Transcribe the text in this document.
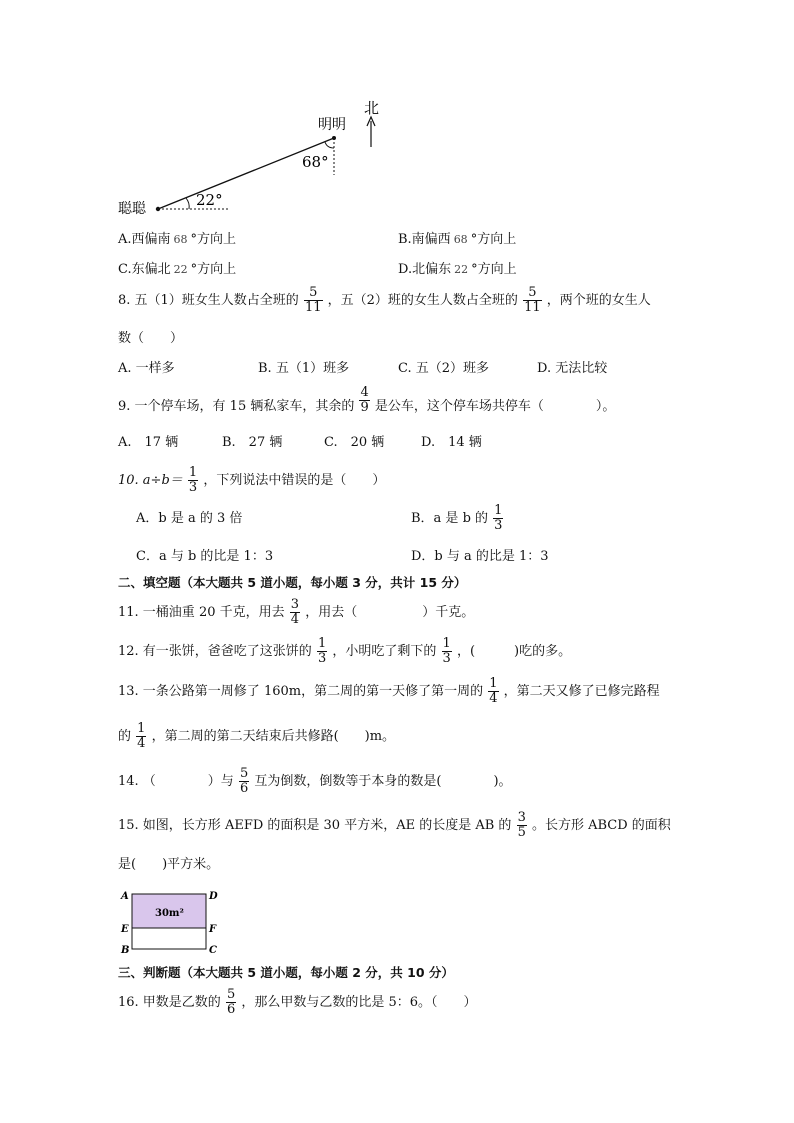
北
明明
聪聪
68°
22°
A.西偏南 68 °方向上	B.南偏西 68 °方向上
C.东偏北 22 °方向上	D.北偏东 22 °方向上
8. 五（1）班女生人数占全班的 $\frac{5}{11}$ ，五（2）班的女生人数占全班的 $\frac{5}{11}$ ，两个班的女生人
数（　　）
A. 一样多	B. 五（1）班多	C. 五（2）班多	D. 无法比较
9. 一个停车场，有 15 辆私家车，其余的 $\frac{4}{9}$ 是公车，这个停车场共停车（　　　　）。
A.　17 辆	B.　27 辆	C.　20 辆	D.　14 辆
10. $a\div b= \frac{1}{3}$ ，下列说法中错误的是（　　）
A．b 是 a 的 3 倍	B．a 是 b 的 $\frac{1}{3}$
C．a 与 b 的比是 1：3	D．b 与 a 的比是 1：3
二、填空题（本大题共 5 道小题，每小题 3 分，共计 15 分）
11. 一桶油重 20 千克，用去 $\frac{3}{4}$ ，用去（　　　　　）千克。
12. 有一张饼，爸爸吃了这张饼的 $\frac{1}{3}$ ，小明吃了剩下的 $\frac{1}{3}$ ，(　　　)吃的多。
13. 一条公路第一周修了 160m，第二周的第一天修了第一周的 $\frac{1}{4}$ ，第二天又修了已修完路程
的 $\frac{1}{4}$ ，第二周的第二天结束后共修路(　　)m。
14. （　　　　）与 $\frac{5}{6}$ 互为倒数，倒数等于本身的数是(　　　　)。
15. 如图，长方形 AEFD 的面积是 30 平方米，AE 的长度是 AB 的 $\frac{3}{5}$ 。长方形 ABCD 的面积
是(　　)平方米。
30m²
A	D
E	F
B	C
三、判断题（本大题共 5 道小题，每小题 2 分，共 10 分）
16. 甲数是乙数的 $\frac{5}{6}$ ，那么甲数与乙数的比是 5：6。（　　）
